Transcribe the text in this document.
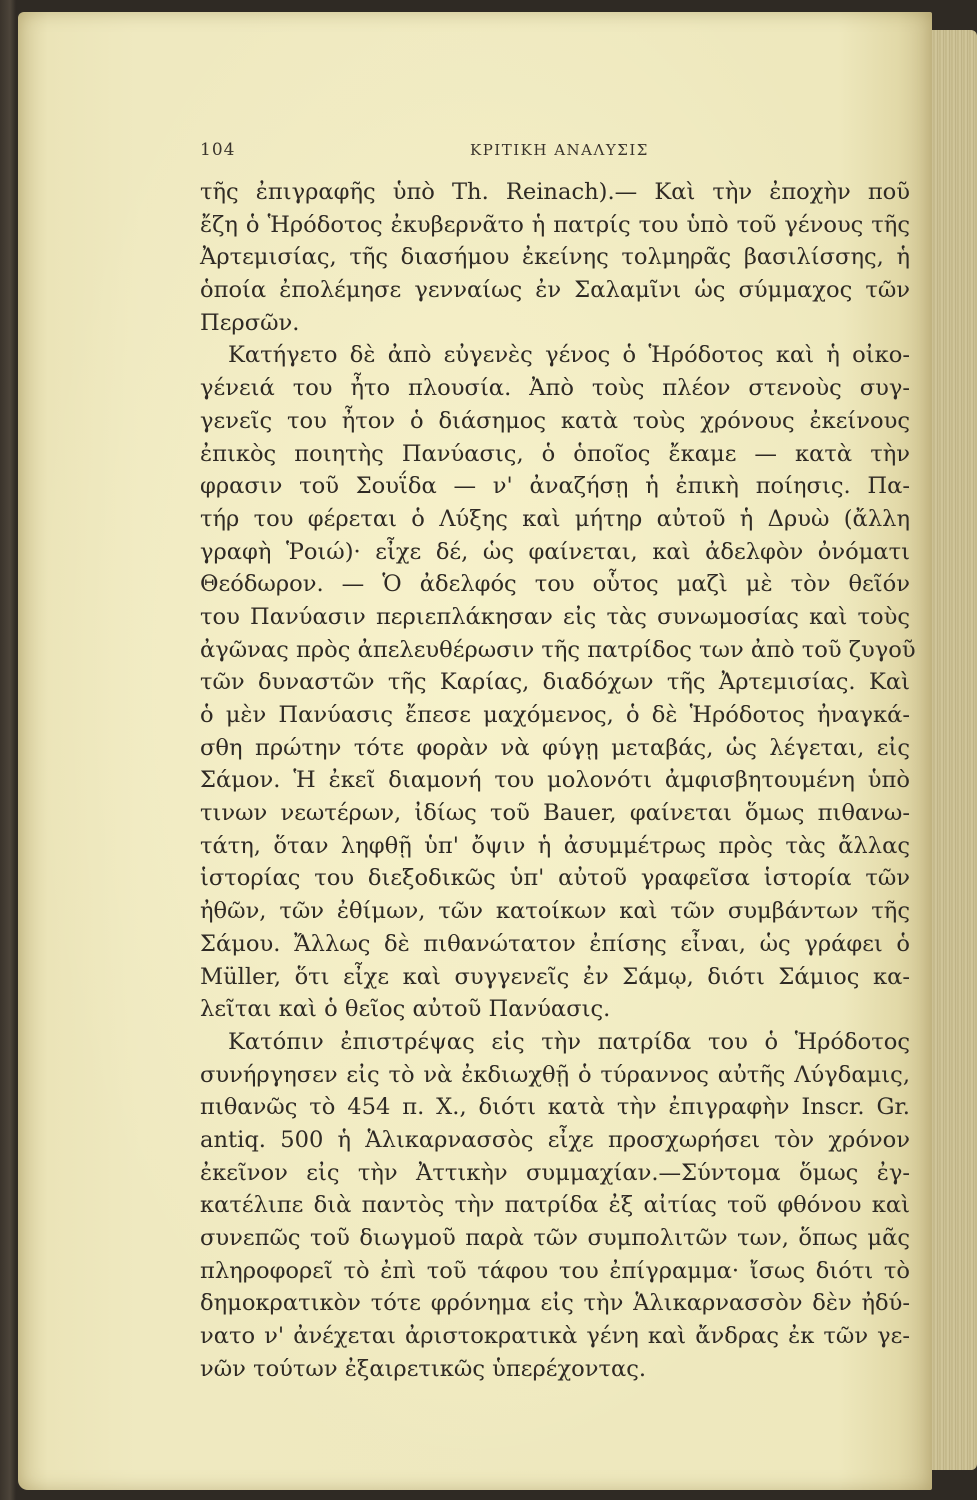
104	ΚΡΙΤΙΚΗ ΑΝΑΛΥΣΙΣ
τῆς ἐπιγραφῆς ὑπὸ Th. Reinach).— Καὶ τὴν ἐποχὴν ποῦ
ἔζη ὁ Ἡρόδοτος ἐκυβερνᾶτο ἡ πατρίς του ὑπὸ τοῦ γένους τῆς
Ἀρτεμισίας, τῆς διασήμου ἐκείνης τολμηρᾶς βασιλίσσης, ἡ
ὁποία ἐπολέμησε γενναίως ἐν Σαλαμῖνι ὡς σύμμαχος τῶν
Περσῶν.
Κατήγετο δὲ ἀπὸ εὐγενὲς γένος ὁ Ἡρόδοτος καὶ ἡ οἰκο-
γένειά του ἦτο πλουσία. Ἀπὸ τοὺς πλέον στενοὺς συγ-
γενεῖς του ἦτον ὁ διάσημος κατὰ τοὺς χρόνους ἐκείνους
ἐπικὸς ποιητὴς Πανύασις, ὁ ὁποῖος ἔκαμε — κατὰ τὴν
φρασιν τοῦ Σουΐδα — ν' ἀναζήσῃ ἡ ἐπικὴ ποίησις. Πα-
τήρ του φέρεται ὁ Λύξης καὶ μήτηρ αὐτοῦ ἡ Δρυὼ (ἄλλη
γραφὴ Ῥοιώ)· εἶχε δέ, ὡς φαίνεται, καὶ ἀδελφὸν ὀνόματι
Θεόδωρον. — Ὁ ἀδελφός του οὗτος μαζὶ μὲ τὸν θεῖόν
του Πανύασιν περιεπλάκησαν εἰς τὰς συνωμοσίας καὶ τοὺς
ἀγῶνας πρὸς ἀπελευθέρωσιν τῆς πατρίδος των ἀπὸ τοῦ ζυγοῦ
τῶν δυναστῶν τῆς Καρίας, διαδόχων τῆς Ἀρτεμισίας. Καὶ
ὁ μὲν Πανύασις ἔπεσε μαχόμενος, ὁ δὲ Ἡρόδοτος ἠναγκά-
σθη πρώτην τότε φορὰν νὰ φύγῃ μεταβάς, ὡς λέγεται, εἰς
Σάμον. Ἡ ἐκεῖ διαμονή του μολονότι ἀμφισβητουμένη ὑπὸ
τινων νεωτέρων, ἰδίως τοῦ Bauer, φαίνεται ὅμως πιθανω-
τάτη, ὅταν ληφθῇ ὑπ' ὄψιν ἡ ἀσυμμέτρως πρὸς τὰς ἄλλας
ἱστορίας του διεξοδικῶς ὑπ' αὐτοῦ γραφεῖσα ἱστορία τῶν
ἠθῶν, τῶν ἐθίμων, τῶν κατοίκων καὶ τῶν συμβάντων τῆς
Σάμου. Ἄλλως δὲ πιθανώτατον ἐπίσης εἶναι, ὡς γράφει ὁ
Müller, ὅτι εἶχε καὶ συγγενεῖς ἐν Σάμῳ, διότι Σάμιος κα-
λεῖται καὶ ὁ θεῖος αὐτοῦ Πανύασις.
Κατόπιν ἐπιστρέψας εἰς τὴν πατρίδα του ὁ Ἡρόδοτος
συνήργησεν εἰς τὸ νὰ ἐκδιωχθῇ ὁ τύραννος αὐτῆς Λύγδαμις,
πιθανῶς τὸ 454 π. Χ., διότι κατὰ τὴν ἐπιγραφὴν Inscr. Gr.
antiq. 500 ἡ Ἁλικαρνασσὸς εἶχε προσχωρήσει τὸν χρόνον
ἐκεῖνον εἰς τὴν Ἀττικὴν συμμαχίαν.—Σύντομα ὅμως ἐγ-
κατέλιπε διὰ παντὸς τὴν πατρίδα ἐξ αἰτίας τοῦ φθόνου καὶ
συνεπῶς τοῦ διωγμοῦ παρὰ τῶν συμπολιτῶν των, ὅπως μᾶς
πληροφορεῖ τὸ ἐπὶ τοῦ τάφου του ἐπίγραμμα· ἴσως διότι τὸ
δημοκρατικὸν τότε φρόνημα εἰς τὴν Ἁλικαρνασσὸν δὲν ἠδύ-
νατο ν' ἀνέχεται ἀριστοκρατικὰ γένη καὶ ἄνδρας ἐκ τῶν γε-
νῶν τούτων ἐξαιρετικῶς ὑπερέχοντας.
